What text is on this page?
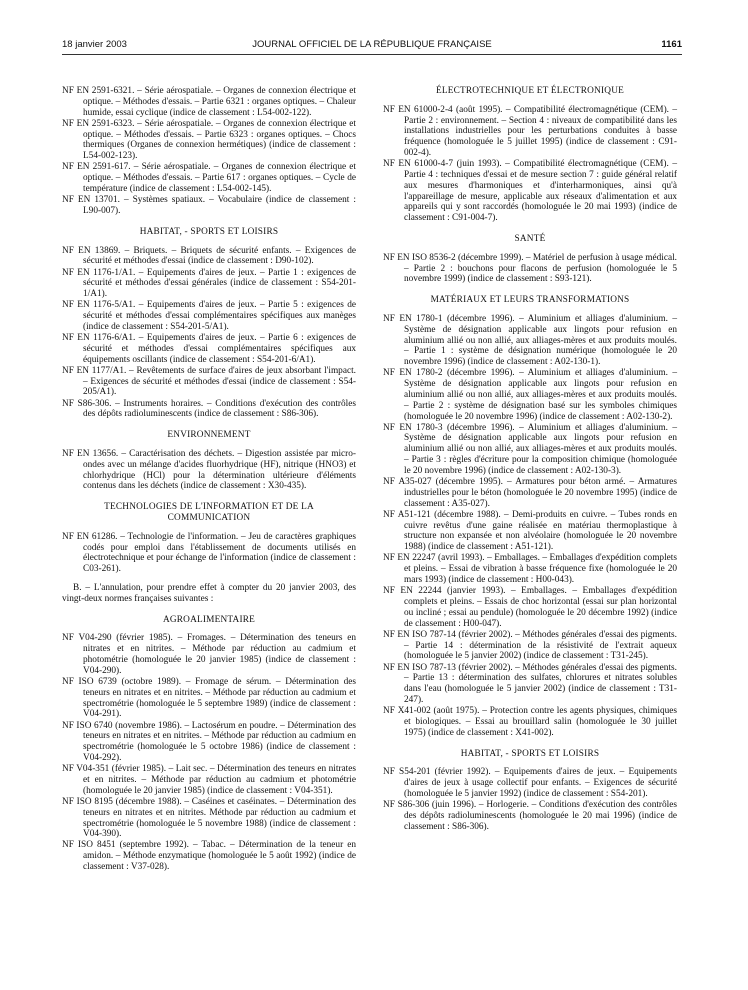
18 janvier 2003	JOURNAL OFFICIEL DE LA RÉPUBLIQUE FRANÇAISE	1161

NF EN 2591-6321. – Série aérospatiale. – Organes de connexion électrique et optique. – Méthodes d'essais. – Partie 6321 : organes optiques. – Chaleur humide, essai cyclique (indice de classement : L54-002-122).

NF EN 2591-6323. – Série aérospatiale. – Organes de connexion électrique et optique. – Méthodes d'essais. – Partie 6323 : organes optiques. – Chocs thermiques (Organes de connexion hermétiques) (indice de classement : L54-002-123).

NF EN 2591-617. – Série aérospatiale. – Organes de connexion électrique et optique. – Méthodes d'essais. – Partie 617 : organes optiques. – Cycle de température (indice de classement : L54-002-145).

NF EN 13701. – Systèmes spatiaux. – Vocabulaire (indice de classement : L90-007).

HABITAT, - SPORTS ET LOISIRS

NF EN 13869. – Briquets. – Briquets de sécurité enfants. – Exigences de sécurité et méthodes d'essai (indice de classement : D90-102).

NF EN 1176-1/A1. – Equipements d'aires de jeux. – Partie 1 : exigences de sécurité et méthodes d'essai générales (indice de classement : S54-201-1/A1).

NF EN 1176-5/A1. – Equipements d'aires de jeux. – Partie 5 : exigences de sécurité et méthodes d'essai complémentaires spécifiques aux manèges (indice de classement : S54-201-5/A1).

NF EN 1176-6/A1. – Equipements d'aires de jeux. – Partie 6 : exigences de sécurité et méthodes d'essai complémentaires spécifiques aux équipements oscillants (indice de classement : S54-201-6/A1).

NF EN 1177/A1. – Revêtements de surface d'aires de jeux absorbant l'impact. – Exigences de sécurité et méthodes d'essai (indice de classement : S54-205/A1).

NF S86-306. – Instruments horaires. – Conditions d'exécution des contrôles des dépôts radioluminescents (indice de classement : S86-306).

ENVIRONNEMENT

NF EN 13656. – Caractérisation des déchets. – Digestion assistée par micro-ondes avec un mélange d'acides fluorhydrique (HF), nitrique (HNO3) et chlorhydrique (HCl) pour la détermination ultérieure d'éléments contenus dans les déchets (indice de classement : X30-435).

TECHNOLOGIES DE L'INFORMATION ET DE LA COMMUNICATION

NF EN 61286. – Technologie de l'information. – Jeu de caractères graphiques codés pour emploi dans l'établissement de documents utilisés en électrotechnique et pour échange de l'information (indice de classement : C03-261).

B. – L'annulation, pour prendre effet à compter du 20 janvier 2003, des vingt-deux normes françaises suivantes :

AGROALIMENTAIRE

NF V04-290 (février 1985). – Fromages. – Détermination des teneurs en nitrates et en nitrites. – Méthode par réduction au cadmium et photométrie (homologuée le 20 janvier 1985) (indice de classement : V04-290).

NF ISO 6739 (octobre 1989). – Fromage de sérum. – Détermination des teneurs en nitrates et en nitrites. – Méthode par réduction au cadmium et spectrométrie (homologuée le 5 septembre 1989) (indice de classement : V04-291).

NF ISO 6740 (novembre 1986). – Lactosérum en poudre. – Détermination des teneurs en nitrates et en nitrites. – Méthode par réduction au cadmium en spectrométrie (homologuée le 5 octobre 1986) (indice de classement : V04-292).

NF V04-351 (février 1985). – Lait sec. – Détermination des teneurs en nitrates et en nitrites. – Méthode par réduction au cadmium et photométrie (homologuée le 20 janvier 1985) (indice de classement : V04-351).

NF ISO 8195 (décembre 1988). – Caséines et caséinates. – Détermination des teneurs en nitrates et en nitrites. Méthode par réduction au cadmium et spectrométrie (homologuée le 5 novembre 1988) (indice de classement : V04-390).

NF ISO 8451 (septembre 1992). – Tabac. – Détermination de la teneur en amidon. – Méthode enzymatique (homologuée le 5 août 1992) (indice de classement : V37-028).

ÉLECTROTECHNIQUE ET ÉLECTRONIQUE

NF EN 61000-2-4 (août 1995). – Compatibilité électromagnétique (CEM). – Partie 2 : environnement. – Section 4 : niveaux de compatibilité dans les installations industrielles pour les perturbations conduites à basse fréquence (homologuée le 5 juillet 1995) (indice de classement : C91-002-4).

NF EN 61000-4-7 (juin 1993). – Compatibilité électromagnétique (CEM). – Partie 4 : techniques d'essai et de mesure section 7 : guide général relatif aux mesures d'harmoniques et d'interharmoniques, ainsi qu'à l'appareillage de mesure, applicable aux réseaux d'alimentation et aux appareils qui y sont raccordés (homologuée le 20 mai 1993) (indice de classement : C91-004-7).

SANTÉ

NF EN ISO 8536-2 (décembre 1999). – Matériel de perfusion à usage médical. – Partie 2 : bouchons pour flacons de perfusion (homologuée le 5 novembre 1999) (indice de classement : S93-121).

MATÉRIAUX ET LEURS TRANSFORMATIONS

NF EN 1780-1 (décembre 1996). – Aluminium et alliages d'aluminium. – Système de désignation applicable aux lingots pour refusion en aluminium allié ou non allié, aux alliages-mères et aux produits moulés. – Partie 1 : système de désignation numérique (homologuée le 20 novembre 1996) (indice de classement : A02-130-1).

NF EN 1780-2 (décembre 1996). – Aluminium et alliages d'aluminium. – Système de désignation applicable aux lingots pour refusion en aluminium allié ou non allié, aux alliages-mères et aux produits moulés. – Partie 2 : système de désignation basé sur les symboles chimiques (homologuée le 20 novembre 1996) (indice de classement : A02-130-2).

NF EN 1780-3 (décembre 1996). – Aluminium et alliages d'aluminium. – Système de désignation applicable aux lingots pour refusion en aluminium allié ou non allié, aux alliages-mères et aux produits moulés. – Partie 3 : règles d'écriture pour la composition chimique (homologuée le 20 novembre 1996) (indice de classement : A02-130-3).

NF A35-027 (décembre 1995). – Armatures pour béton armé. – Armatures industrielles pour le béton (homologuée le 20 novembre 1995) (indice de classement : A35-027).

NF A51-121 (décembre 1988). – Demi-produits en cuivre. – Tubes ronds en cuivre revêtus d'une gaine réalisée en matériau thermoplastique à structure non expansée et non alvéolaire (homologuée le 20 novembre 1988) (indice de classement : A51-121).

NF EN 22247 (avril 1993). – Emballages. – Emballages d'expédition complets et pleins. – Essai de vibration à basse fréquence fixe (homologuée le 20 mars 1993) (indice de classement : H00-043).

NF EN 22244 (janvier 1993). – Emballages. – Emballages d'expédition complets et pleins. – Essais de choc horizontal (essai sur plan horizontal ou incliné ; essai au pendule) (homologuée le 20 décembre 1992) (indice de classement : H00-047).

NF EN ISO 787-14 (février 2002). – Méthodes générales d'essai des pigments. – Partie 14 : détermination de la résistivité de l'extrait aqueux (homologuée le 5 janvier 2002) (indice de classement : T31-245).

NF EN ISO 787-13 (février 2002). – Méthodes générales d'essai des pigments. – Partie 13 : détermination des sulfates, chlorures et nitrates solubles dans l'eau (homologuée le 5 janvier 2002) (indice de classement : T31-247).

NF X41-002 (août 1975). – Protection contre les agents physiques, chimiques et biologiques. – Essai au brouillard salin (homologuée le 30 juillet 1975) (indice de classement : X41-002).

HABITAT, - SPORTS ET LOISIRS

NF S54-201 (février 1992). – Equipements d'aires de jeux. – Equipements d'aires de jeux à usage collectif pour enfants. – Exigences de sécurité (homologuée le 5 janvier 1992) (indice de classement : S54-201).

NF S86-306 (juin 1996). – Horlogerie. – Conditions d'exécution des contrôles des dépôts radioluminescents (homologuée le 20 mai 1996) (indice de classement : S86-306).
